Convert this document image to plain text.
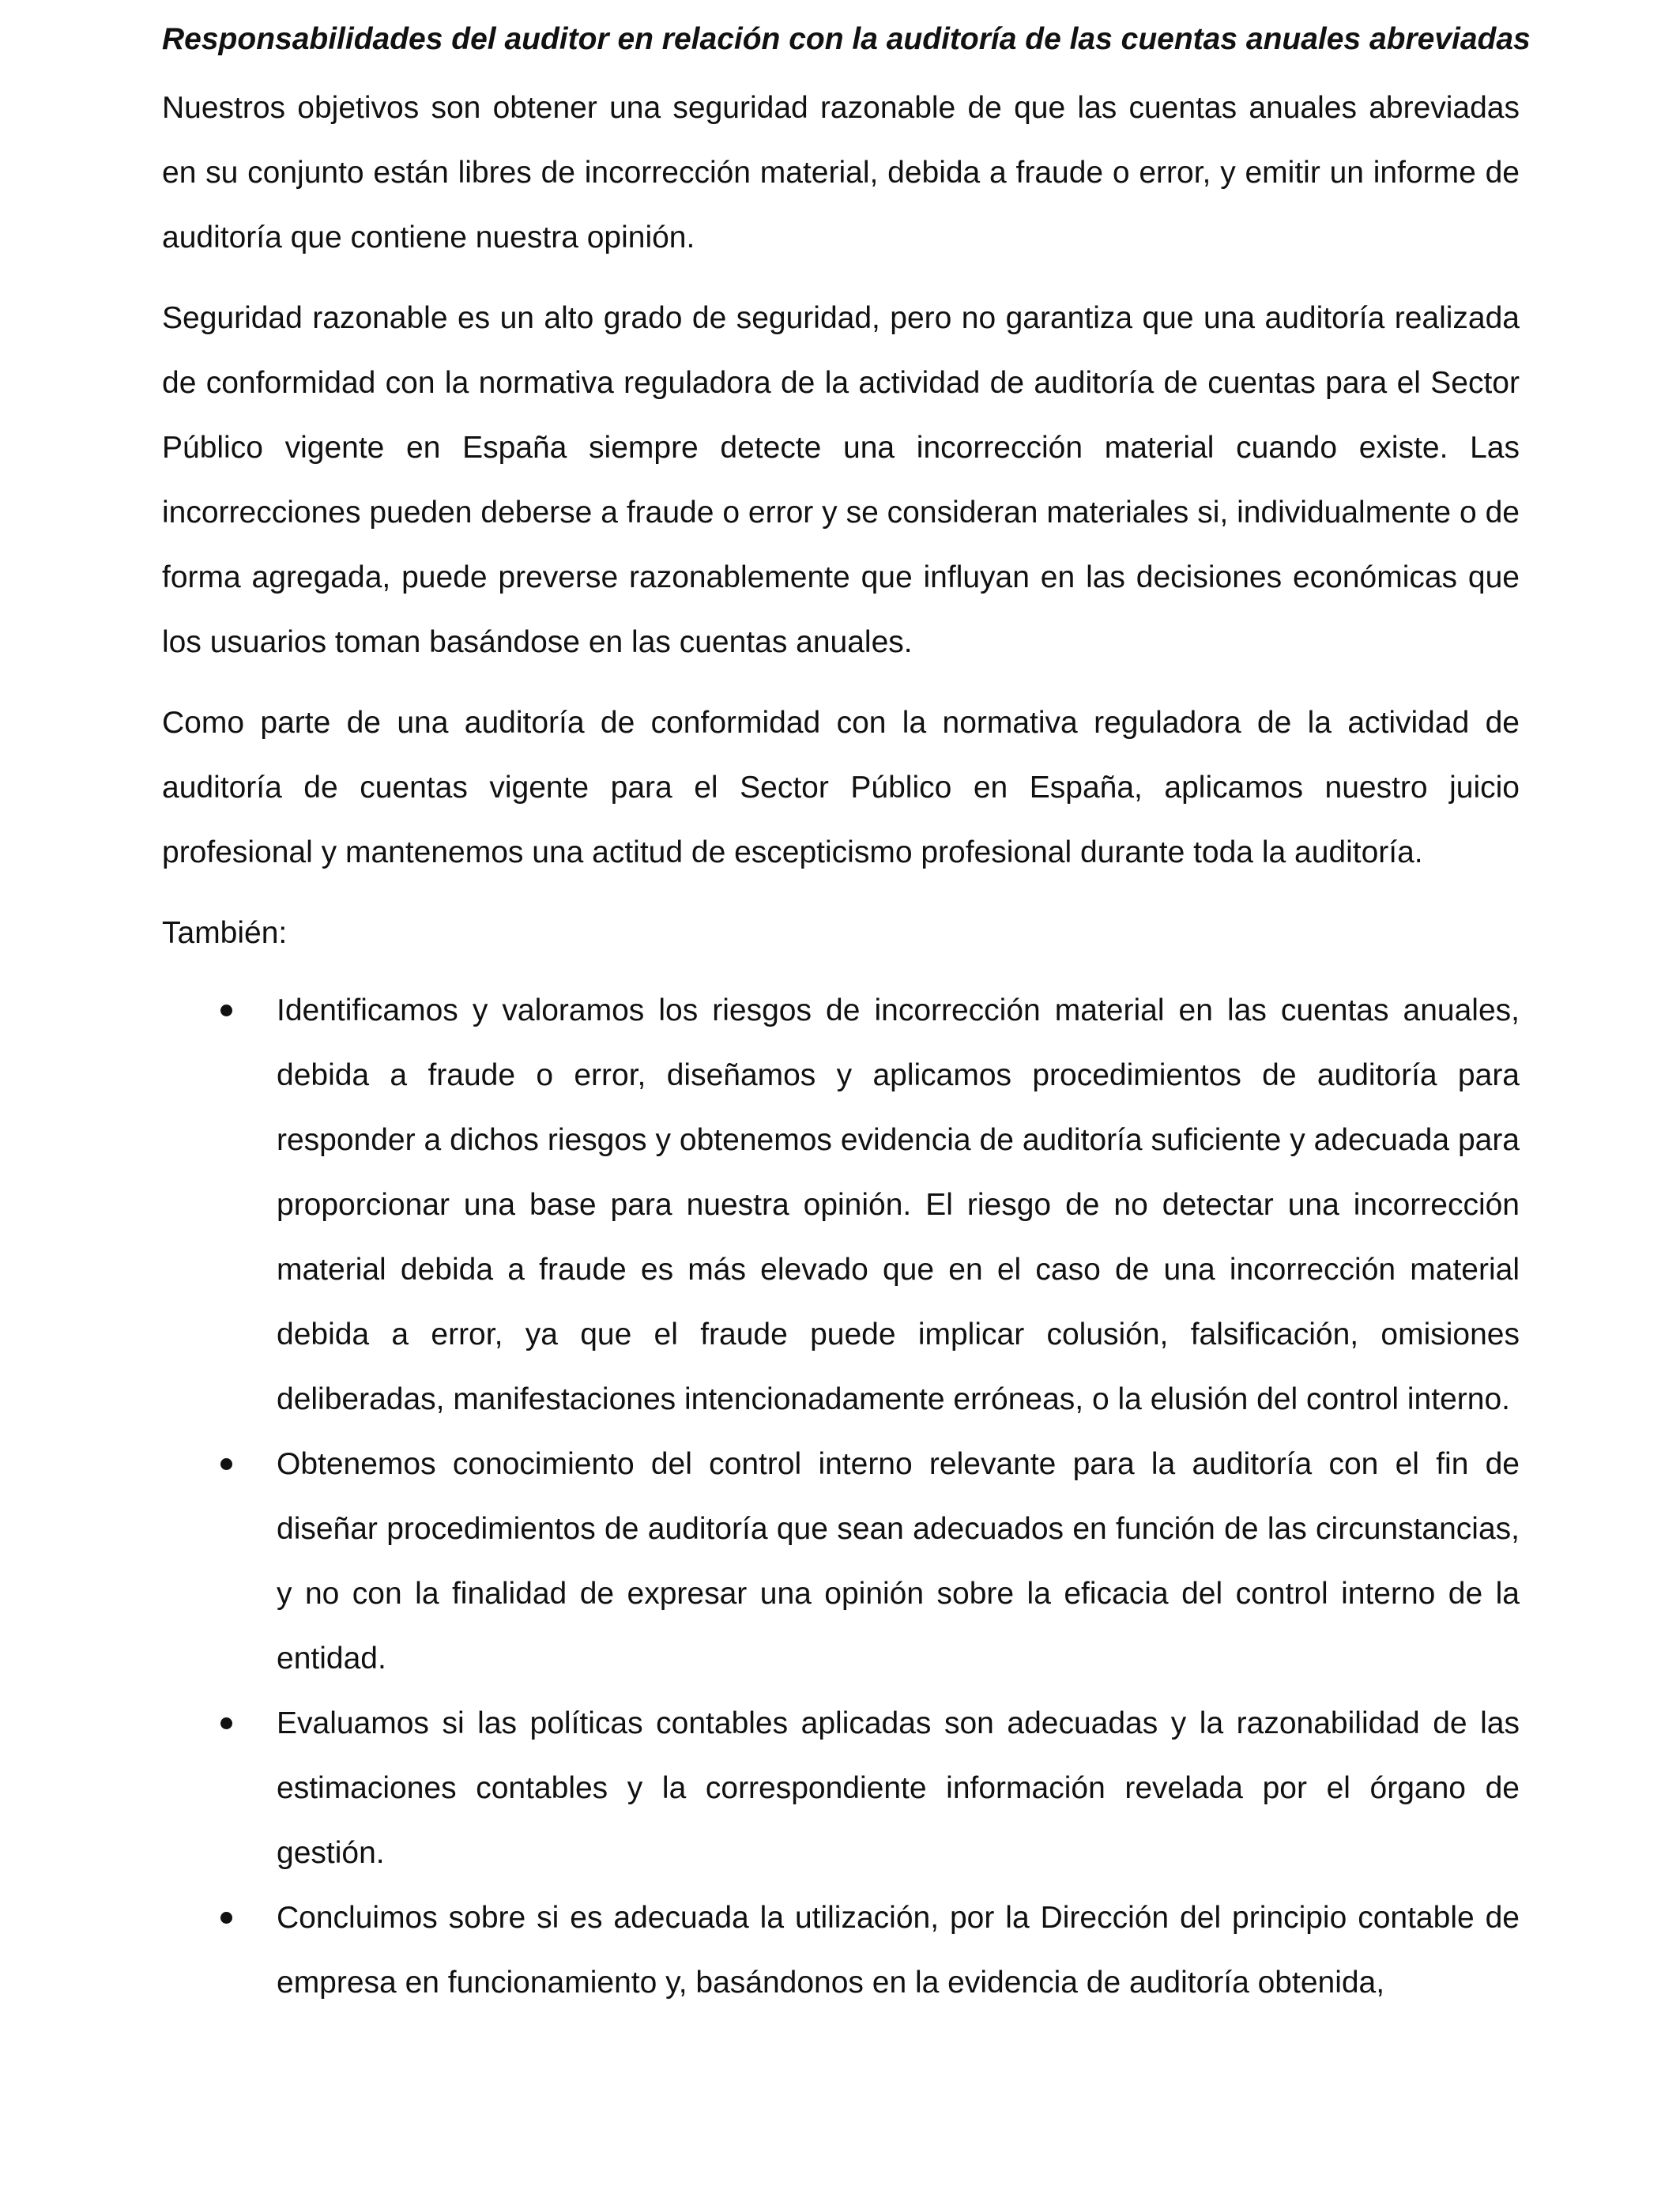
Responsabilidades del auditor en relación con la auditoría de las cuentas anuales abreviadas

Nuestros objetivos son obtener una seguridad razonable de que las cuentas anuales abreviadas en su conjunto están libres de incorrección material, debida a fraude o error, y emitir un informe de auditoría que contiene nuestra opinión.

Seguridad razonable es un alto grado de seguridad, pero no garantiza que una auditoría realizada de conformidad con la normativa reguladora de la actividad de auditoría de cuentas para el Sector Público vigente en España siempre detecte una incorrección material cuando existe. Las incorrecciones pueden deberse a fraude o error y se consideran materiales si, individualmente o de forma agregada, puede preverse razonablemente que influyan en las decisiones económicas que los usuarios toman basándose en las cuentas anuales.

Como parte de una auditoría de conformidad con la normativa reguladora de la actividad de auditoría de cuentas vigente para el Sector Público en España, aplicamos nuestro juicio profesional y mantenemos una actitud de escepticismo profesional durante toda la auditoría.

También:

Identificamos y valoramos los riesgos de incorrección material en las cuentas anuales, debida a fraude o error, diseñamos y aplicamos procedimientos de auditoría para responder a dichos riesgos y obtenemos evidencia de auditoría suficiente y adecuada para proporcionar una base para nuestra opinión. El riesgo de no detectar una incorrección material debida a fraude es más elevado que en el caso de una incorrección material debida a error, ya que el fraude puede implicar colusión, falsificación, omisiones deliberadas, manifestaciones intencionadamente erróneas, o la elusión del control interno.
Obtenemos conocimiento del control interno relevante para la auditoría con el fin de diseñar procedimientos de auditoría que sean adecuados en función de las circunstancias, y no con la finalidad de expresar una opinión sobre la eficacia del control interno de la entidad.
Evaluamos si las políticas contables aplicadas son adecuadas y la razonabilidad de las estimaciones contables y la correspondiente información revelada por el órgano de gestión.
Concluimos sobre si es adecuada la utilización, por la Dirección del principio contable de empresa en funcionamiento y, basándonos en la evidencia de auditoría obtenida,
